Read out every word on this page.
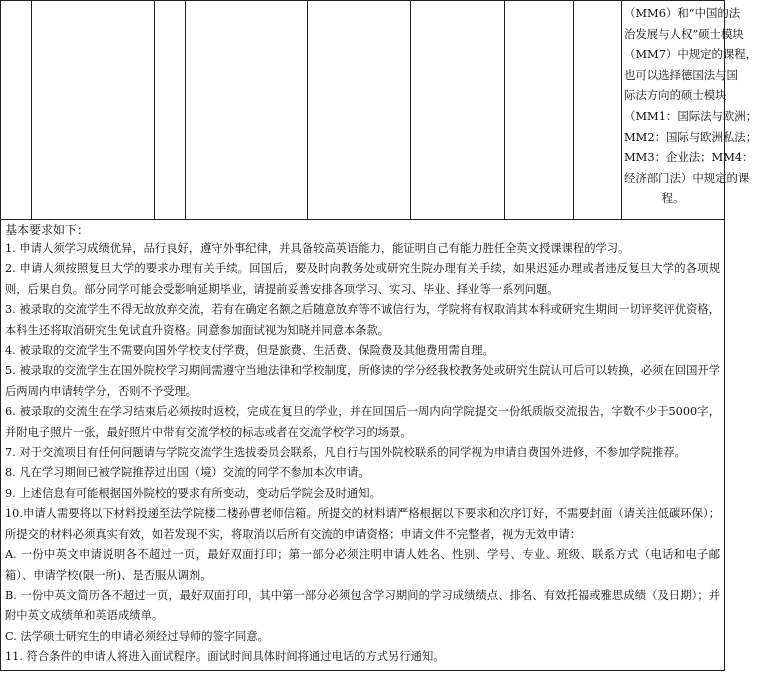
（MM6）和“中国的法
治发展与人权”硕士模块
（MM7）中规定的课程，
也可以选择德国法与国
际法方向的硕士模块
（MM1：国际法与欧洲；
MM2：国际与欧洲私法；
MM3：企业法；MM4：
经济部门法）中规定的课
程。

基本要求如下：
1. 申请人须学习成绩优异，品行良好，遵守外事纪律，并具备较高英语能力，能证明自己有能力胜任全英文授课课程的学习。
2. 申请人须按照复旦大学的要求办理有关手续。回国后，要及时向教务处或研究生院办理有关手续，如果迟延办理或者违反复旦大学的各项规则，后果自负。部分同学可能会受影响延期毕业，请提前妥善安排各项学习、实习、毕业、择业等一系列问题。
3. 被录取的交流学生不得无故放弃交流，若有在确定名额之后随意放弃等不诚信行为，学院将有权取消其本科或研究生期间一切评奖评优资格，本科生还将取消研究生免试直升资格。同意参加面试视为知晓并同意本条款。
4. 被录取的交流学生不需要向国外学校支付学费，但是旅费、生活费、保险费及其他费用需自理。
5. 被录取的交流学生在国外院校学习期间需遵守当地法律和学校制度，所修读的学分经我校教务处或研究生院认可后可以转换，必须在回国开学后两周内申请转学分，否则不予受理。
6. 被录取的交流生在学习结束后必须按时返校，完成在复旦的学业，并在回国后一周内向学院提交一份纸质版交流报告，字数不少于5000字，并附电子照片一张，最好照片中带有交流学校的标志或者在交流学校学习的场景。
7. 对于交流项目有任何问题请与学院交流学生选拔委员会联系，凡自行与国外院校联系的同学视为申请自费国外进修，不参加学院推荐。
8. 凡在学习期间已被学院推荐过出国（境）交流的同学不参加本次申请。
9. 上述信息有可能根据国外院校的要求有所变动，变动后学院会及时通知。
10.申请人需要将以下材料投递至法学院楼二楼孙曹老师信箱。所提交的材料请严格根据以下要求和次序订好，不需要封面（请关注低碳环保）；所提交的材料必须真实有效，如若发现不实，将取消以后所有交流的申请资格；申请文件不完整者，视为无效申请：
A. 一份中英文申请说明各不超过一页，最好双面打印；第一部分必须注明申请人姓名、性别、学号、专业、班级、联系方式（电话和电子邮箱）、申请学校(限一所)、是否服从调剂。
B. 一份中英文简历各不超过一页，最好双面打印，其中第一部分必须包含学习期间的学习成绩绩点、排名、有效托福或雅思成绩（及日期）；并附中英文成绩单和英语成绩单。
C. 法学硕士研究生的申请必须经过导师的签字同意。
11. 符合条件的申请人将进入面试程序。面试时间具体时间将通过电话的方式另行通知。
